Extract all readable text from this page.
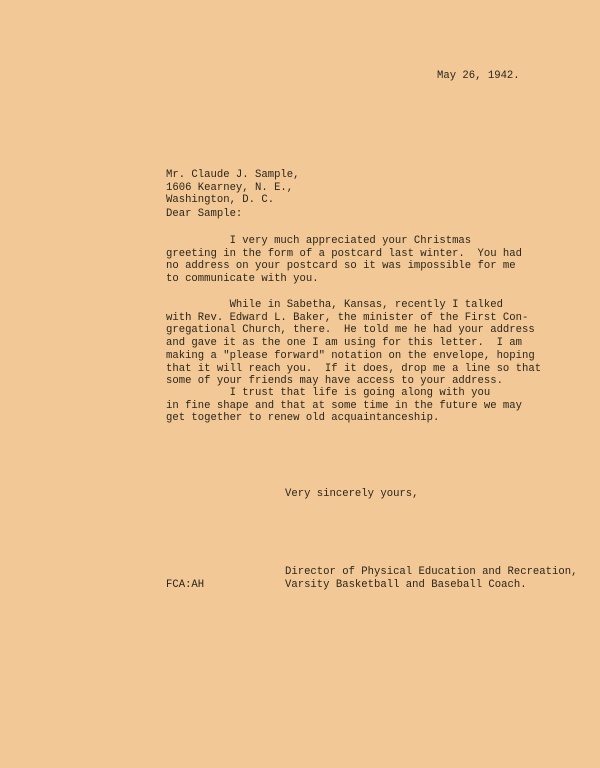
May 26, 1942.
Mr. Claude J. Sample,
1606 Kearney, N. E.,
Washington, D. C.
Dear Sample:
I very much appreciated your Christmas
greeting in the form of a postcard last winter.  You had
no address on your postcard so it was impossible for me
to communicate with you.
While in Sabetha, Kansas, recently I talked
with Rev. Edward L. Baker, the minister of the First Con-
gregational Church, there.  He told me he had your address
and gave it as the one I am using for this letter.  I am
making a "please forward" notation on the envelope, hoping
that it will reach you.  If it does, drop me a line so that
some of your friends may have access to your address.
I trust that life is going along with you
in fine shape and that at some time in the future we may
get together to renew old acquaintanceship.
Very sincerely yours,
Director of Physical Education and Recreation,
Varsity Basketball and Baseball Coach.
FCA:AH
